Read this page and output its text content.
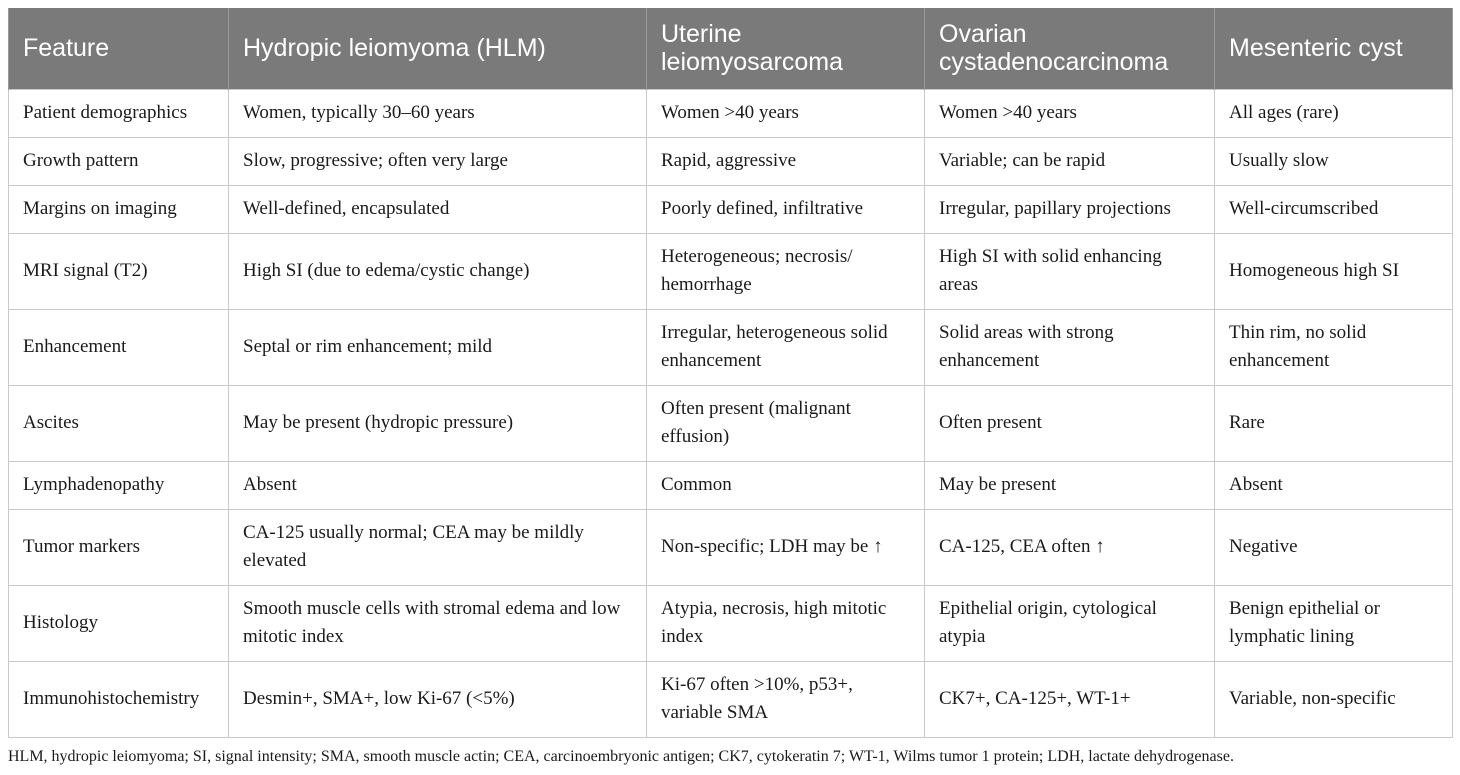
Feature	Hydropic leiomyoma (HLM)	Uterine leiomyosarcoma	Ovarian cystadenocarcinoma	Mesenteric cyst
Patient demographics	Women, typically 30–60 years	Women >40 years	Women >40 years	All ages (rare)
Growth pattern	Slow, progressive; often very large	Rapid, aggressive	Variable; can be rapid	Usually slow
Margins on imaging	Well-defined, encapsulated	Poorly defined, infiltrative	Irregular, papillary projections	Well-circumscribed
MRI signal (T2)	High SI (due to edema/cystic change)	Heterogeneous; necrosis/ hemorrhage	High SI with solid enhancing areas	Homogeneous high SI
Enhancement	Septal or rim enhancement; mild	Irregular, heterogeneous solid enhancement	Solid areas with strong enhancement	Thin rim, no solid enhancement
Ascites	May be present (hydropic pressure)	Often present (malignant effusion)	Often present	Rare
Lymphadenopathy	Absent	Common	May be present	Absent
Tumor markers	CA-125 usually normal; CEA may be mildly elevated	Non-specific; LDH may be ↑	CA-125, CEA often ↑	Negative
Histology	Smooth muscle cells with stromal edema and low mitotic index	Atypia, necrosis, high mitotic index	Epithelial origin, cytological atypia	Benign epithelial or lymphatic lining
Immunohistochemistry	Desmin+, SMA+, low Ki-67 (<5%)	Ki-67 often >10%, p53+, variable SMA	CK7+, CA-125+, WT-1+	Variable, non-specific
HLM, hydropic leiomyoma; SI, signal intensity; SMA, smooth muscle actin; CEA, carcinoembryonic antigen; CK7, cytokeratin 7; WT-1, Wilms tumor 1 protein; LDH, lactate dehydrogenase.
